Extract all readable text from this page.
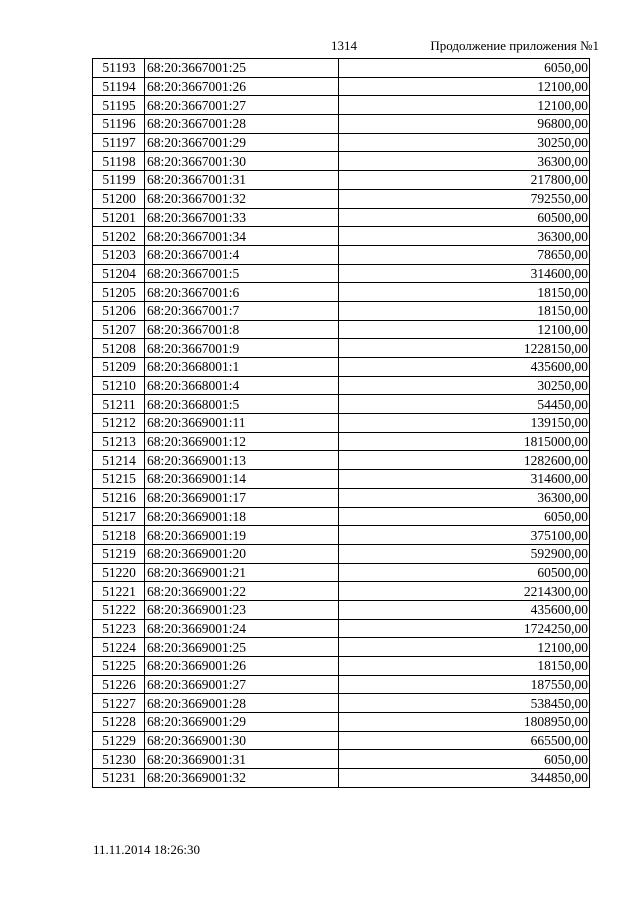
1314	Продолжение приложения №1
51193	68:20:3667001:25	6050,00
51194	68:20:3667001:26	12100,00
51195	68:20:3667001:27	12100,00
51196	68:20:3667001:28	96800,00
51197	68:20:3667001:29	30250,00
51198	68:20:3667001:30	36300,00
51199	68:20:3667001:31	217800,00
51200	68:20:3667001:32	792550,00
51201	68:20:3667001:33	60500,00
51202	68:20:3667001:34	36300,00
51203	68:20:3667001:4	78650,00
51204	68:20:3667001:5	314600,00
51205	68:20:3667001:6	18150,00
51206	68:20:3667001:7	18150,00
51207	68:20:3667001:8	12100,00
51208	68:20:3667001:9	1228150,00
51209	68:20:3668001:1	435600,00
51210	68:20:3668001:4	30250,00
51211	68:20:3668001:5	54450,00
51212	68:20:3669001:11	139150,00
51213	68:20:3669001:12	1815000,00
51214	68:20:3669001:13	1282600,00
51215	68:20:3669001:14	314600,00
51216	68:20:3669001:17	36300,00
51217	68:20:3669001:18	6050,00
51218	68:20:3669001:19	375100,00
51219	68:20:3669001:20	592900,00
51220	68:20:3669001:21	60500,00
51221	68:20:3669001:22	2214300,00
51222	68:20:3669001:23	435600,00
51223	68:20:3669001:24	1724250,00
51224	68:20:3669001:25	12100,00
51225	68:20:3669001:26	18150,00
51226	68:20:3669001:27	187550,00
51227	68:20:3669001:28	538450,00
51228	68:20:3669001:29	1808950,00
51229	68:20:3669001:30	665500,00
51230	68:20:3669001:31	6050,00
51231	68:20:3669001:32	344850,00
11.11.2014 18:26:30
